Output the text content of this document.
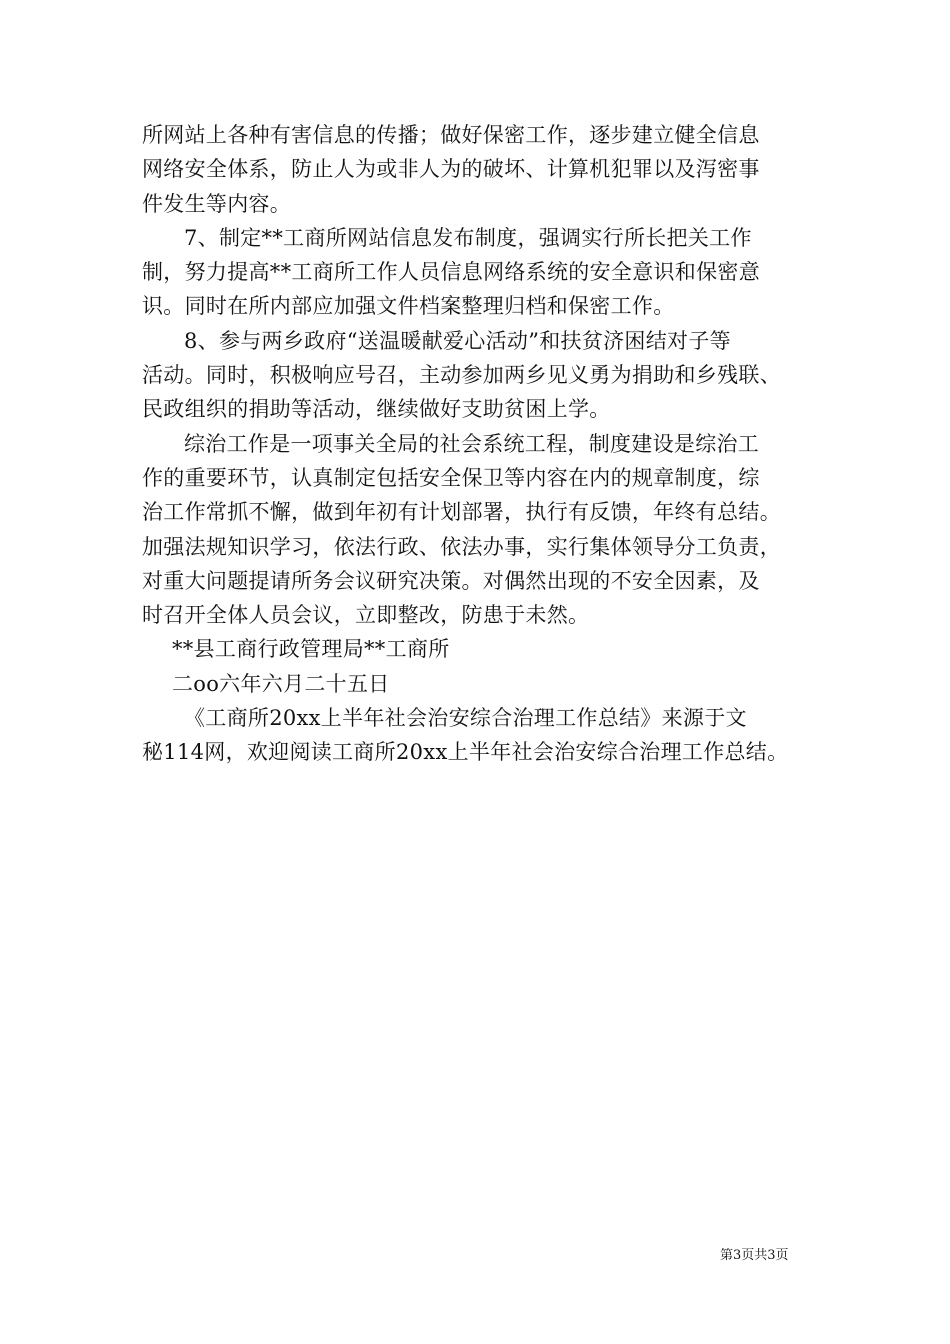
所网站上各种有害信息的传播；做好保密工作，逐步建立健全信息
网络安全体系，防止人为或非人为的破坏、计算机犯罪以及泻密事
件发生等内容。
7、制定**工商所网站信息发布制度，强调实行所长把关工作
制，努力提高**工商所工作人员信息网络系统的安全意识和保密意
识。同时在所内部应加强文件档案整理归档和保密工作。
8、参与两乡政府“送温暖献爱心活动”和扶贫济困结对子等
活动。同时，积极响应号召，主动参加两乡见义勇为捐助和乡残联、
民政组织的捐助等活动，继续做好支助贫困上学。
综治工作是一项事关全局的社会系统工程，制度建设是综治工
作的重要环节，认真制定包括安全保卫等内容在内的规章制度，综
治工作常抓不懈，做到年初有计划部署，执行有反馈，年终有总结。
加强法规知识学习，依法行政、依法办事，实行集体领导分工负责，
对重大问题提请所务会议研究决策。对偶然出现的不安全因素，及
时召开全体人员会议，立即整改，防患于未然。
**县工商行政管理局**工商所
二oo六年六月二十五日
《工商所20xx上半年社会治安综合治理工作总结》来源于文
秘114网，欢迎阅读工商所20xx上半年社会治安综合治理工作总结。
第3页共3页
